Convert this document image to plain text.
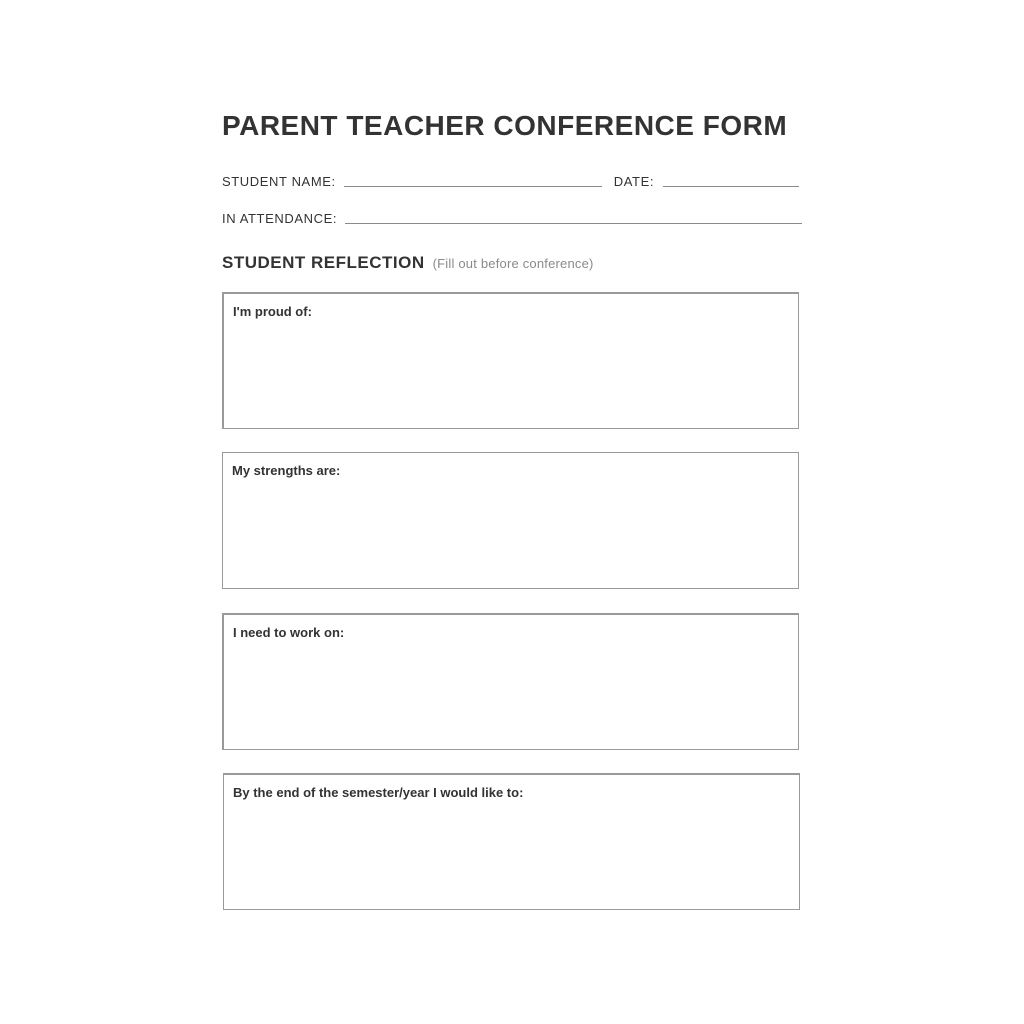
PARENT TEACHER CONFERENCE FORM
STUDENT NAME:	DATE:
IN ATTENDANCE:
STUDENT REFLECTION (Fill out before conference)
I'm proud of:
My strengths are:
I need to work on:
By the end of the semester/year I would like to:
